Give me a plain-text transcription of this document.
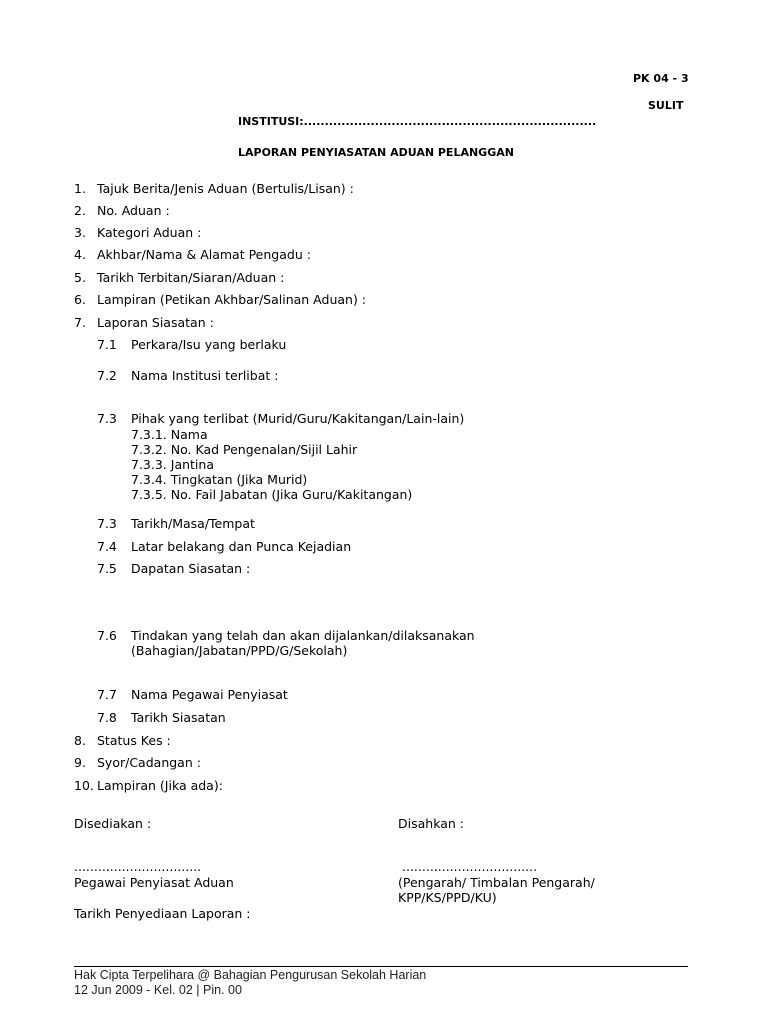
PK 04 - 3
SULIT
INSTITUSI:......................................................................
LAPORAN PENYIASATAN ADUAN PELANGGAN
1. Tajuk Berita/Jenis Aduan (Bertulis/Lisan) :
2. No. Aduan :
3. Kategori Aduan :
4. Akhbar/Nama & Alamat Pengadu :
5. Tarikh Terbitan/Siaran/Aduan :
6. Lampiran (Petikan Akhbar/Salinan Aduan) :
7. Laporan Siasatan :
7.1 Perkara/Isu yang berlaku
7.2 Nama Institusi terlibat :
7.3 Pihak yang terlibat (Murid/Guru/Kakitangan/Lain-lain)
7.3.1. Nama
7.3.2. No. Kad Pengenalan/Sijil Lahir
7.3.3. Jantina
7.3.4. Tingkatan (Jika Murid)
7.3.5. No. Fail Jabatan (Jika Guru/Kakitangan)
7.3 Tarikh/Masa/Tempat
7.4 Latar belakang dan Punca Kejadian
7.5 Dapatan Siasatan :
7.6 Tindakan yang telah dan akan dijalankan/dilaksanakan
(Bahagian/Jabatan/PPD/G/Sekolah)
7.7 Nama Pegawai Penyiasat
7.8 Tarikh Siasatan
8. Status Kes :
9. Syor/Cadangan :
10. Lampiran (Jika ada):
Disediakan :	Disahkan :
................................	..................................
Pegawai Penyiasat Aduan	(Pengarah/ Timbalan Pengarah/
KPP/KS/PPD/KU)
Tarikh Penyediaan Laporan :
Hak Cipta Terpelihara @ Bahagian Pengurusan Sekolah Harian
12 Jun 2009 - Kel. 02 | Pin. 00
